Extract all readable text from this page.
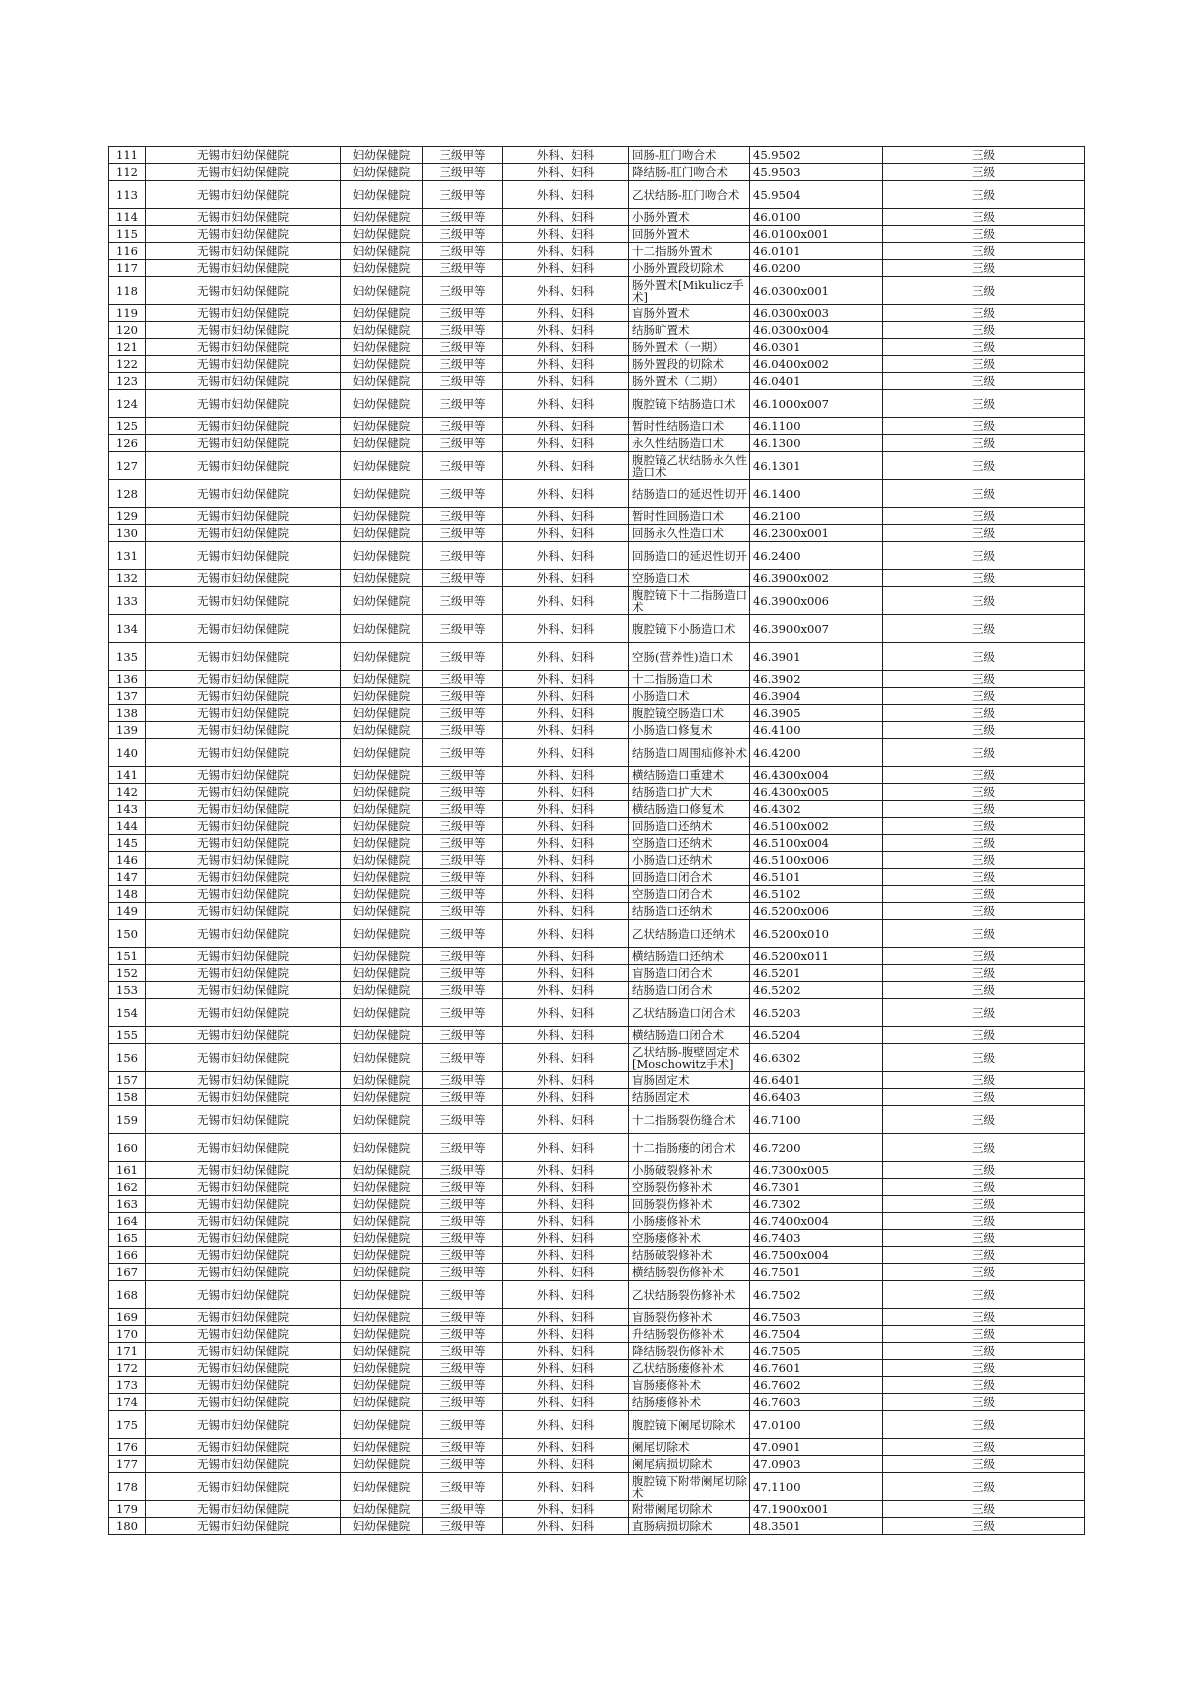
111	无锡市妇幼保健院	妇幼保健院	三级甲等	外科、妇科	回肠-肛门吻合术	45.9502	三级
112	无锡市妇幼保健院	妇幼保健院	三级甲等	外科、妇科	降结肠-肛门吻合术	45.9503	三级
113	无锡市妇幼保健院	妇幼保健院	三级甲等	外科、妇科	乙状结肠-肛门吻合术	45.9504	三级
114	无锡市妇幼保健院	妇幼保健院	三级甲等	外科、妇科	小肠外置术	46.0100	三级
115	无锡市妇幼保健院	妇幼保健院	三级甲等	外科、妇科	回肠外置术	46.0100x001	三级
116	无锡市妇幼保健院	妇幼保健院	三级甲等	外科、妇科	十二指肠外置术	46.0101	三级
117	无锡市妇幼保健院	妇幼保健院	三级甲等	外科、妇科	小肠外置段切除术	46.0200	三级
118	无锡市妇幼保健院	妇幼保健院	三级甲等	外科、妇科	肠外置术[Mikulicz手术]	46.0300x001	三级
119	无锡市妇幼保健院	妇幼保健院	三级甲等	外科、妇科	盲肠外置术	46.0300x003	三级
120	无锡市妇幼保健院	妇幼保健院	三级甲等	外科、妇科	结肠旷置术	46.0300x004	三级
121	无锡市妇幼保健院	妇幼保健院	三级甲等	外科、妇科	肠外置术（一期）	46.0301	三级
122	无锡市妇幼保健院	妇幼保健院	三级甲等	外科、妇科	肠外置段的切除术	46.0400x002	三级
123	无锡市妇幼保健院	妇幼保健院	三级甲等	外科、妇科	肠外置术（二期）	46.0401	三级
124	无锡市妇幼保健院	妇幼保健院	三级甲等	外科、妇科	腹腔镜下结肠造口术	46.1000x007	三级
125	无锡市妇幼保健院	妇幼保健院	三级甲等	外科、妇科	暂时性结肠造口术	46.1100	三级
126	无锡市妇幼保健院	妇幼保健院	三级甲等	外科、妇科	永久性结肠造口术	46.1300	三级
127	无锡市妇幼保健院	妇幼保健院	三级甲等	外科、妇科	腹腔镜乙状结肠永久性造口术	46.1301	三级
128	无锡市妇幼保健院	妇幼保健院	三级甲等	外科、妇科	结肠造口的延迟性切开	46.1400	三级
129	无锡市妇幼保健院	妇幼保健院	三级甲等	外科、妇科	暂时性回肠造口术	46.2100	三级
130	无锡市妇幼保健院	妇幼保健院	三级甲等	外科、妇科	回肠永久性造口术	46.2300x001	三级
131	无锡市妇幼保健院	妇幼保健院	三级甲等	外科、妇科	回肠造口的延迟性切开	46.2400	三级
132	无锡市妇幼保健院	妇幼保健院	三级甲等	外科、妇科	空肠造口术	46.3900x002	三级
133	无锡市妇幼保健院	妇幼保健院	三级甲等	外科、妇科	腹腔镜下十二指肠造口术	46.3900x006	三级
134	无锡市妇幼保健院	妇幼保健院	三级甲等	外科、妇科	腹腔镜下小肠造口术	46.3900x007	三级
135	无锡市妇幼保健院	妇幼保健院	三级甲等	外科、妇科	空肠(营养性)造口术	46.3901	三级
136	无锡市妇幼保健院	妇幼保健院	三级甲等	外科、妇科	十二指肠造口术	46.3902	三级
137	无锡市妇幼保健院	妇幼保健院	三级甲等	外科、妇科	小肠造口术	46.3904	三级
138	无锡市妇幼保健院	妇幼保健院	三级甲等	外科、妇科	腹腔镜空肠造口术	46.3905	三级
139	无锡市妇幼保健院	妇幼保健院	三级甲等	外科、妇科	小肠造口修复术	46.4100	三级
140	无锡市妇幼保健院	妇幼保健院	三级甲等	外科、妇科	结肠造口周围疝修补术	46.4200	三级
141	无锡市妇幼保健院	妇幼保健院	三级甲等	外科、妇科	横结肠造口重建术	46.4300x004	三级
142	无锡市妇幼保健院	妇幼保健院	三级甲等	外科、妇科	结肠造口扩大术	46.4300x005	三级
143	无锡市妇幼保健院	妇幼保健院	三级甲等	外科、妇科	横结肠造口修复术	46.4302	三级
144	无锡市妇幼保健院	妇幼保健院	三级甲等	外科、妇科	回肠造口还纳术	46.5100x002	三级
145	无锡市妇幼保健院	妇幼保健院	三级甲等	外科、妇科	空肠造口还纳术	46.5100x004	三级
146	无锡市妇幼保健院	妇幼保健院	三级甲等	外科、妇科	小肠造口还纳术	46.5100x006	三级
147	无锡市妇幼保健院	妇幼保健院	三级甲等	外科、妇科	回肠造口闭合术	46.5101	三级
148	无锡市妇幼保健院	妇幼保健院	三级甲等	外科、妇科	空肠造口闭合术	46.5102	三级
149	无锡市妇幼保健院	妇幼保健院	三级甲等	外科、妇科	结肠造口还纳术	46.5200x006	三级
150	无锡市妇幼保健院	妇幼保健院	三级甲等	外科、妇科	乙状结肠造口还纳术	46.5200x010	三级
151	无锡市妇幼保健院	妇幼保健院	三级甲等	外科、妇科	横结肠造口还纳术	46.5200x011	三级
152	无锡市妇幼保健院	妇幼保健院	三级甲等	外科、妇科	盲肠造口闭合术	46.5201	三级
153	无锡市妇幼保健院	妇幼保健院	三级甲等	外科、妇科	结肠造口闭合术	46.5202	三级
154	无锡市妇幼保健院	妇幼保健院	三级甲等	外科、妇科	乙状结肠造口闭合术	46.5203	三级
155	无锡市妇幼保健院	妇幼保健院	三级甲等	外科、妇科	横结肠造口闭合术	46.5204	三级
156	无锡市妇幼保健院	妇幼保健院	三级甲等	外科、妇科	乙状结肠-腹壁固定术[Moschowitz手术]	46.6302	三级
157	无锡市妇幼保健院	妇幼保健院	三级甲等	外科、妇科	盲肠固定术	46.6401	三级
158	无锡市妇幼保健院	妇幼保健院	三级甲等	外科、妇科	结肠固定术	46.6403	三级
159	无锡市妇幼保健院	妇幼保健院	三级甲等	外科、妇科	十二指肠裂伤缝合术	46.7100	三级
160	无锡市妇幼保健院	妇幼保健院	三级甲等	外科、妇科	十二指肠瘘的闭合术	46.7200	三级
161	无锡市妇幼保健院	妇幼保健院	三级甲等	外科、妇科	小肠破裂修补术	46.7300x005	三级
162	无锡市妇幼保健院	妇幼保健院	三级甲等	外科、妇科	空肠裂伤修补术	46.7301	三级
163	无锡市妇幼保健院	妇幼保健院	三级甲等	外科、妇科	回肠裂伤修补术	46.7302	三级
164	无锡市妇幼保健院	妇幼保健院	三级甲等	外科、妇科	小肠瘘修补术	46.7400x004	三级
165	无锡市妇幼保健院	妇幼保健院	三级甲等	外科、妇科	空肠瘘修补术	46.7403	三级
166	无锡市妇幼保健院	妇幼保健院	三级甲等	外科、妇科	结肠破裂修补术	46.7500x004	三级
167	无锡市妇幼保健院	妇幼保健院	三级甲等	外科、妇科	横结肠裂伤修补术	46.7501	三级
168	无锡市妇幼保健院	妇幼保健院	三级甲等	外科、妇科	乙状结肠裂伤修补术	46.7502	三级
169	无锡市妇幼保健院	妇幼保健院	三级甲等	外科、妇科	盲肠裂伤修补术	46.7503	三级
170	无锡市妇幼保健院	妇幼保健院	三级甲等	外科、妇科	升结肠裂伤修补术	46.7504	三级
171	无锡市妇幼保健院	妇幼保健院	三级甲等	外科、妇科	降结肠裂伤修补术	46.7505	三级
172	无锡市妇幼保健院	妇幼保健院	三级甲等	外科、妇科	乙状结肠瘘修补术	46.7601	三级
173	无锡市妇幼保健院	妇幼保健院	三级甲等	外科、妇科	盲肠瘘修补术	46.7602	三级
174	无锡市妇幼保健院	妇幼保健院	三级甲等	外科、妇科	结肠瘘修补术	46.7603	三级
175	无锡市妇幼保健院	妇幼保健院	三级甲等	外科、妇科	腹腔镜下阑尾切除术	47.0100	三级
176	无锡市妇幼保健院	妇幼保健院	三级甲等	外科、妇科	阑尾切除术	47.0901	三级
177	无锡市妇幼保健院	妇幼保健院	三级甲等	外科、妇科	阑尾病损切除术	47.0903	三级
178	无锡市妇幼保健院	妇幼保健院	三级甲等	外科、妇科	腹腔镜下附带阑尾切除术	47.1100	三级
179	无锡市妇幼保健院	妇幼保健院	三级甲等	外科、妇科	附带阑尾切除术	47.1900x001	三级
180	无锡市妇幼保健院	妇幼保健院	三级甲等	外科、妇科	直肠病损切除术	48.3501	三级
